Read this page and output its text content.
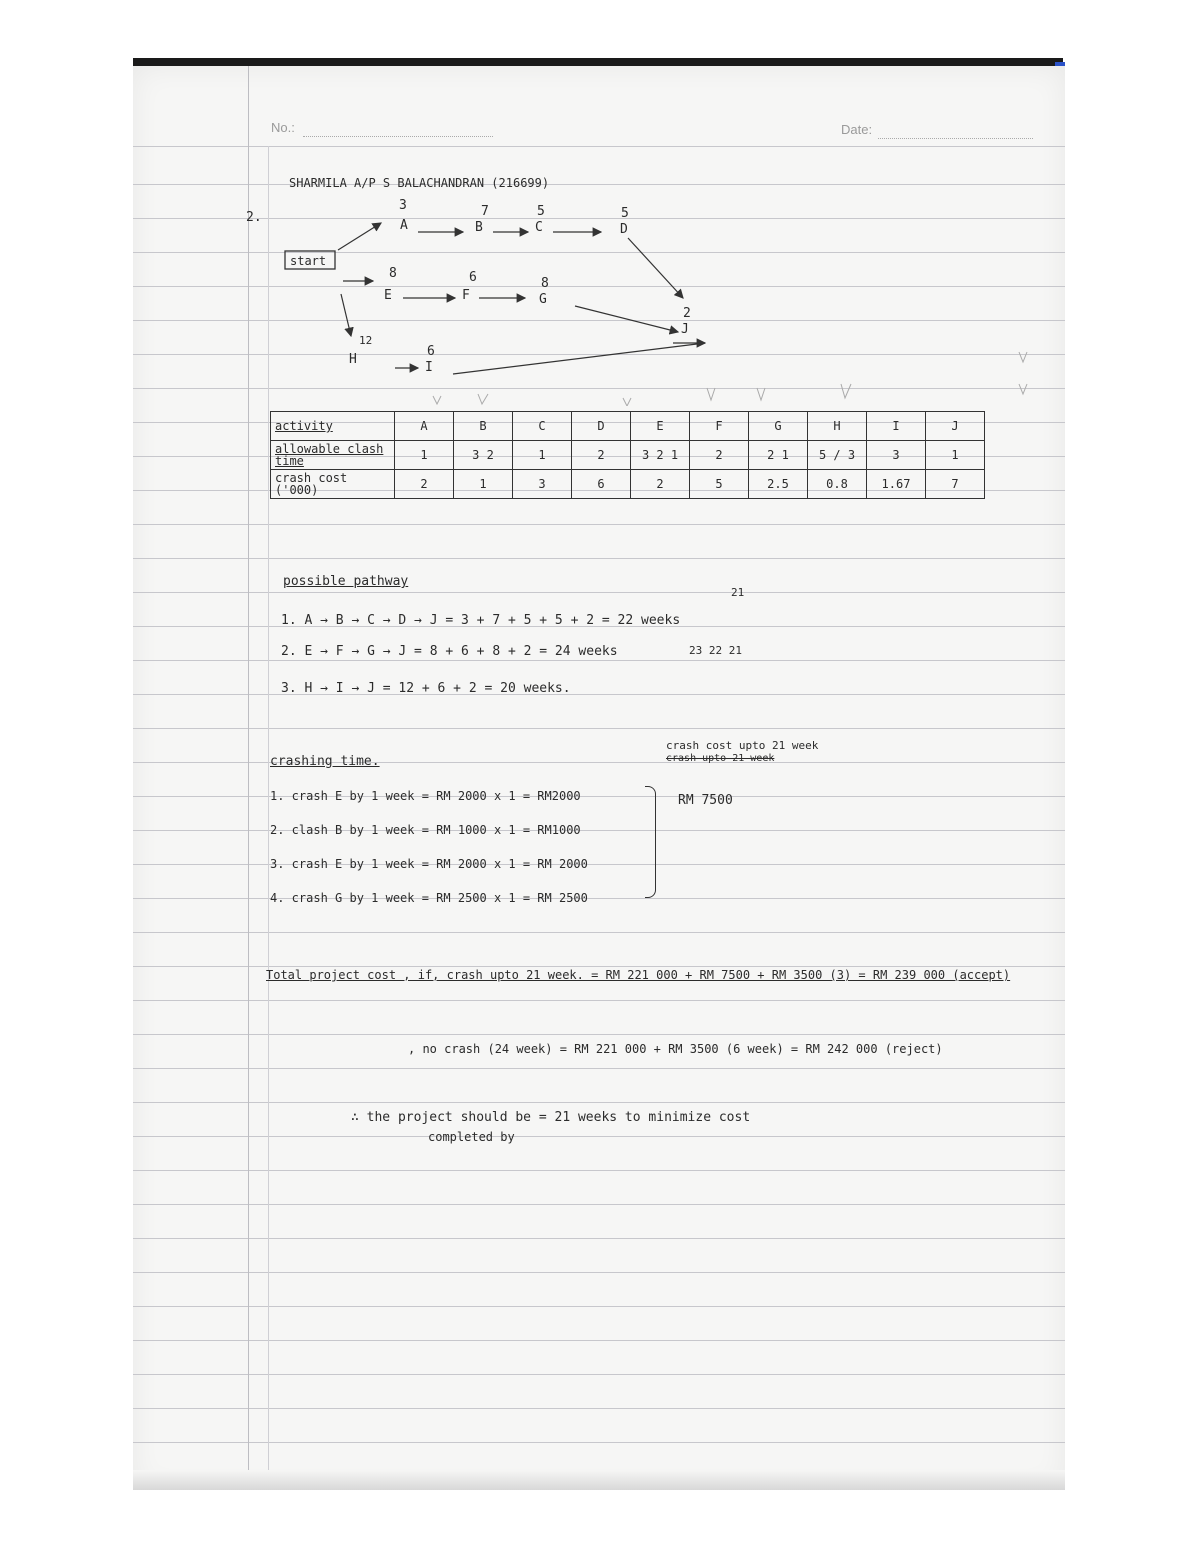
No.:	Date:
SHARMILA A/P S BALACHANDRAN (216699)
2.
start
A
3
B
7
C
5
D
5
E
8
F
6
G
8
H
12
I
6
J
2
activity	A	B	C	D	E	F	G	H	I	J
allowable clash time	1	3 2	1	2	3 2 1	2	2 1	5 / 3	3	1
crash cost ('000)	2	1	3	6	2	5	2.5	0.8	1.67	7
possible pathway
21
1. A → B → C → D → J = 3 + 7 + 5 + 5 + 2 = 22 weeks
2. E → F → G → J = 8 + 6 + 8 + 2 = 24 weeks	23 22 21
3. H → I → J = 12 + 6 + 2 = 20 weeks.
crashing time.
crash cost upto 21 week
crash upto 21 week
1. crash E by 1 week = RM 2000 x 1 = RM2000
2. clash B by 1 week = RM 1000 x 1 = RM1000
3. crash E by 1 week = RM 2000 x 1 = RM 2000
4. crash G by 1 week = RM 2500 x 1 = RM 2500
RM 7500
Total project cost , if, crash upto 21 week. = RM 221 000 + RM 7500 + RM 3500 (3) = RM 239 000 (accept)
, no crash (24 week) = RM 221 000 + RM 3500 (6 week) = RM 242 000 (reject)
∴ the project should be = 21 weeks to minimize cost
completed by
